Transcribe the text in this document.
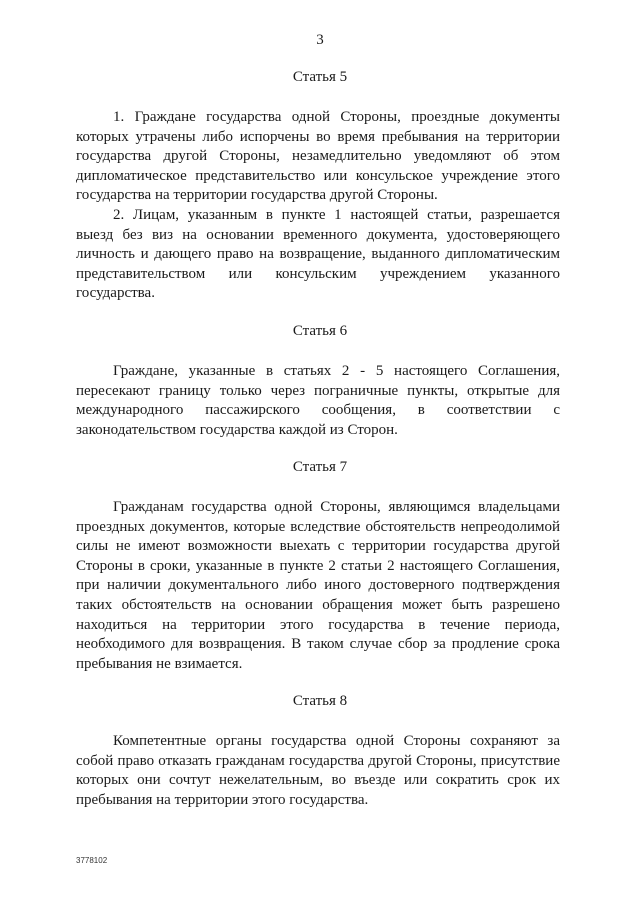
3
Статья 5

1. Граждане государства одной Стороны, проездные документы которых утрачены либо испорчены во время пребывания на территории государства другой Стороны, незамедлительно уведомляют об этом дипломатическое представительство или консульское учреждение этого государства на территории государства другой Стороны.

2. Лицам, указанным в пункте 1 настоящей статьи, разрешается выезд без виз на основании временного документа, удостоверяющего личность и дающего право на возвращение, выданного дипломатическим представительством или консульским учреждением указанного государства.

Статья 6

Граждане, указанные в статьях 2 - 5 настоящего Соглашения, пересекают границу только через пограничные пункты, открытые для международного пассажирского сообщения, в соответствии с законодательством государства каждой из Сторон.

Статья 7

Гражданам государства одной Стороны, являющимся владельцами проездных документов, которые вследствие обстоятельств непреодолимой силы не имеют возможности выехать с территории государства другой Стороны в сроки, указанные в пункте 2 статьи 2 настоящего Соглашения, при наличии документального либо иного достоверного подтверждения таких обстоятельств на основании обращения может быть разрешено находиться на территории этого государства в течение периода, необходимого для возвращения. В таком случае сбор за продление срока пребывания не взимается.

Статья 8

Компетентные органы государства одной Стороны сохраняют за собой право отказать гражданам государства другой Стороны, присутствие которых они сочтут нежелательным, во въезде или сократить срок их пребывания на территории этого государства.

3778102
